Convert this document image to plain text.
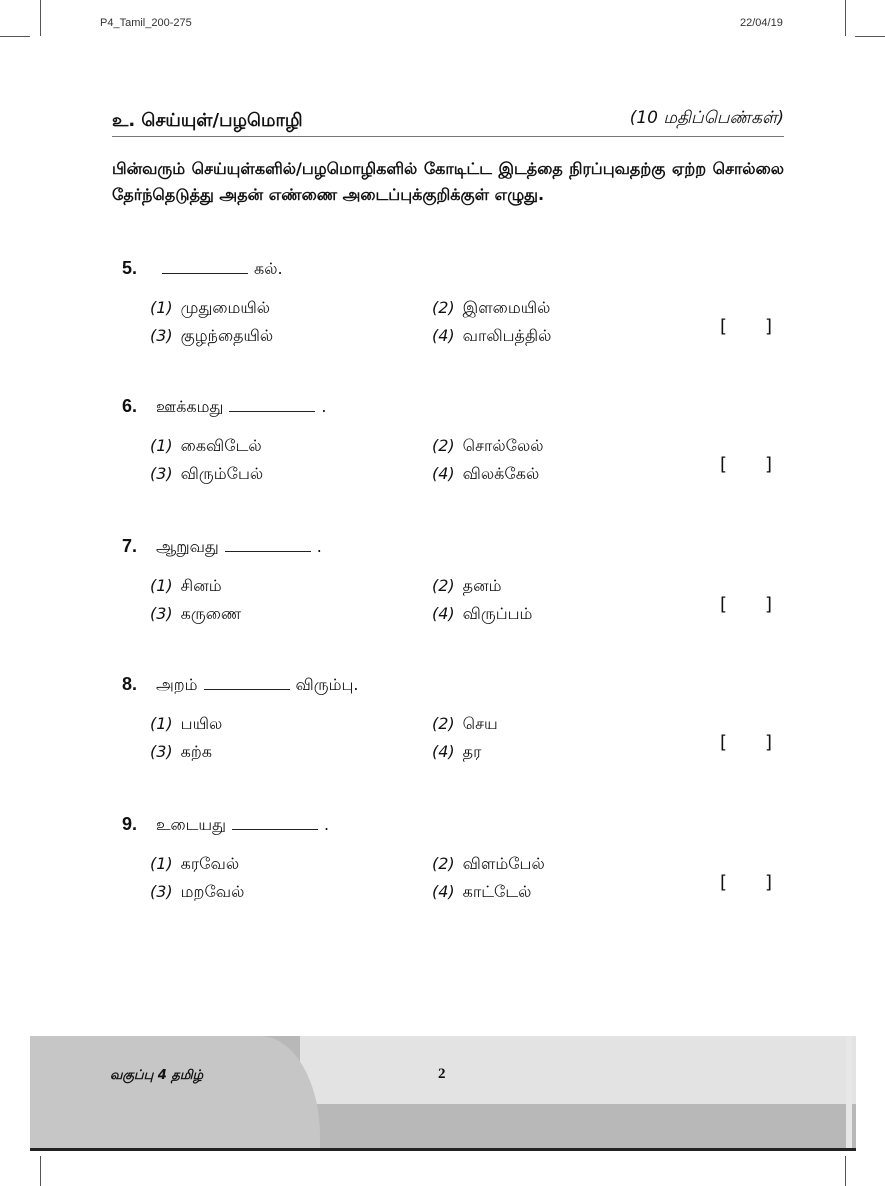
P4_Tamil_200-275	22/04/19
உ. செய்யுள்/பழமொழி	(10 மதிப்பெண்கள்)
பின்வரும் செய்யுள்களில்/பழமொழிகளில் கோடிட்ட இடத்தை நிரப்புவதற்கு ஏற்ற சொல்லை தேர்ந்தெடுத்து அதன் எண்ணை அடைப்புக்குறிக்குள் எழுது.
5.	கல்.
(1) முதுமையில்	(2) இளமையில்
(3) குழந்தையில்	(4) வாலிபத்தில்	[ ]
6. ஊக்கமது	.
(1) கைவிடேல்	(2) சொல்லேல்
(3) விரும்பேல்	(4) விலக்கேல்	[ ]
7. ஆறுவது	.
(1) சினம்	(2) தனம்
(3) கருணை	(4) விருப்பம்	[ ]
8. அறம்	விரும்பு.
(1) பயில	(2) செய
(3) கற்க	(4) தர	[ ]
9. உடையது	.
(1) கரவேல்	(2) விளம்பேல்
(3) மறவேல்	(4) காட்டேல்	[ ]
வகுப்பு 4 தமிழ்	2
